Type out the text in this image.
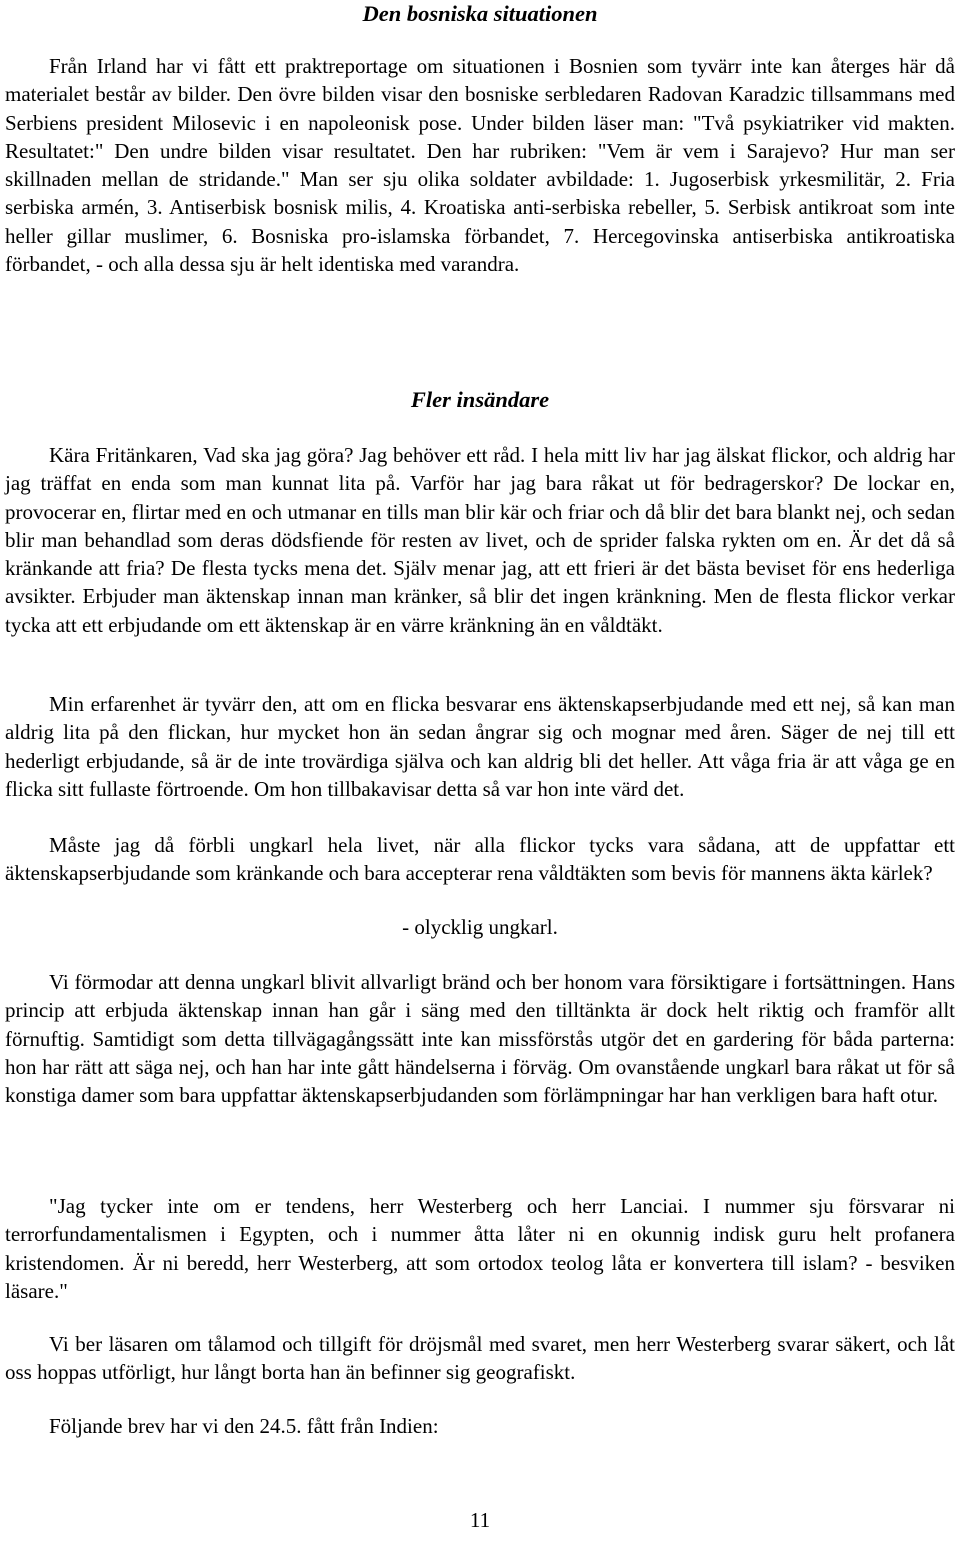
Den bosniska situationen

Från Irland har vi fått ett praktreportage om situationen i Bosnien som tyvärr inte kan återges här då materialet består av bilder. Den övre bilden visar den bosniske serbledaren Radovan Karadzic tillsammans med Serbiens president Milosevic i en napoleonisk pose. Under bilden läser man: "Två psykiatriker vid makten. Resultatet:" Den undre bilden visar resultatet. Den har rubriken: "Vem är vem i Sarajevo? Hur man ser skillnaden mellan de stridande." Man ser sju olika soldater avbildade: 1. Jugoserbisk yrkesmilitär, 2. Fria serbiska armén, 3. Antiserbisk bosnisk milis, 4. Kroatiska anti-serbiska rebeller, 5. Serbisk antikroat som inte heller gillar muslimer, 6. Bosniska pro-islamska förbandet, 7. Hercegovinska antiserbiska antikroatiska förbandet, - och alla dessa sju är helt identiska med varandra.

Fler insändare

Kära Fritänkaren, Vad ska jag göra? Jag behöver ett råd. I hela mitt liv har jag älskat flickor, och aldrig har jag träffat en enda som man kunnat lita på. Varför har jag bara råkat ut för bedragerskor? De lockar en, provocerar en, flirtar med en och utmanar en tills man blir kär och friar och då blir det bara blankt nej, och sedan blir man behandlad som deras dödsfiende för resten av livet, och de sprider falska rykten om en. Är det då så kränkande att fria? De flesta tycks mena det. Själv menar jag, att ett frieri är det bästa beviset för ens hederliga avsikter. Erbjuder man äktenskap innan man kränker, så blir det ingen kränkning. Men de flesta flickor verkar tycka att ett erbjudande om ett äktenskap är en värre kränkning än en våldtäkt.

Min erfarenhet är tyvärr den, att om en flicka besvarar ens äktenskapserbjudande med ett nej, så kan man aldrig lita på den flickan, hur mycket hon än sedan ångrar sig och mognar med åren. Säger de nej till ett hederligt erbjudande, så är de inte trovärdiga själva och kan aldrig bli det heller. Att våga fria är att våga ge en flicka sitt fullaste förtroende. Om hon tillbakavisar detta så var hon inte värd det.

Måste jag då förbli ungkarl hela livet, när alla flickor tycks vara sådana, att de uppfattar ett äktenskapserbjudande som kränkande och bara accepterar rena våldtäkten som bevis för mannens äkta kärlek?

- olycklig ungkarl.

Vi förmodar att denna ungkarl blivit allvarligt bränd och ber honom vara försiktigare i fortsättningen. Hans princip att erbjuda äktenskap innan han går i säng med den tilltänkta är dock helt riktig och framför allt förnuftig. Samtidigt som detta tillvägagångssätt inte kan missförstås utgör det en gardering för båda parterna: hon har rätt att säga nej, och han har inte gått händelserna i förväg. Om ovanstående ungkarl bara råkat ut för så konstiga damer som bara uppfattar äktenskapserbjudanden som förlämpningar har han verkligen bara haft otur.

"Jag tycker inte om er tendens, herr Westerberg och herr Lanciai. I nummer sju försvarar ni terrorfundamentalismen i Egypten, och i nummer åtta låter ni en okunnig indisk guru helt profanera kristendomen. Är ni beredd, herr Westerberg, att som ortodox teolog låta er konvertera till islam? - besviken läsare."

Vi ber läsaren om tålamod och tillgift för dröjsmål med svaret, men herr Westerberg svarar säkert, och låt oss hoppas utförligt, hur långt borta han än befinner sig geografiskt.

Följande brev har vi den 24.5. fått från Indien:

11
